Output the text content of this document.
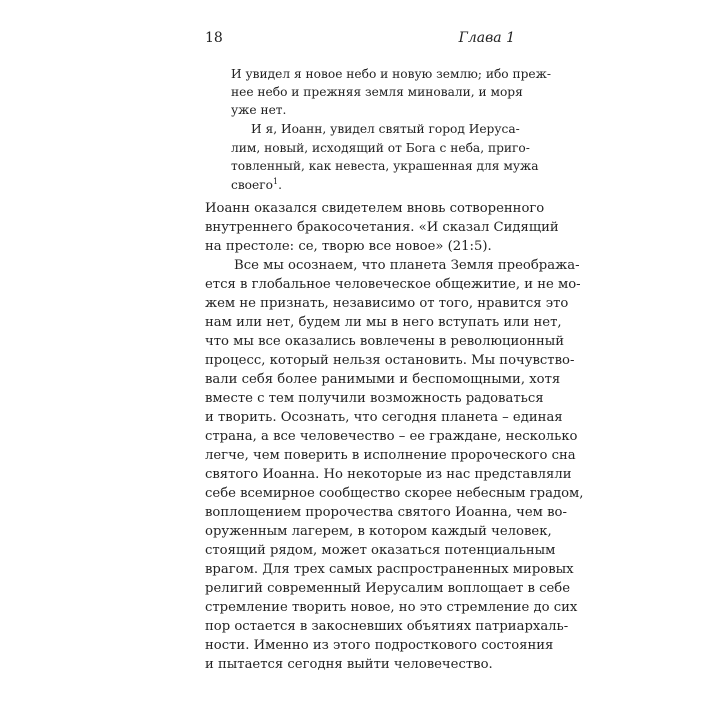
18	Глава 1
И увидел я новое небо и новую землю; ибо преж-
нее небо и прежняя земля миновали, и моря
уже нет.
И я, Иоанн, увидел святый город Иеруса-
лим, новый, исходящий от Бога с неба, приго-
товленный, как невеста, украшенная для мужа
своего$^1$.
Иоанн оказался свидетелем вновь сотворенного
внутреннего бракосочетания. «И сказал Сидящий
на престоле: се, творю все новое» (21:5).
Все мы осознаем, что планета Земля преобража-
ется в глобальное человеческое общежитие, и не мо-
жем не признать, независимо от того, нравится это
нам или нет, будем ли мы в него вступать или нет,
что мы все оказались вовлечены в революционный
процесс, который нельзя остановить. Мы почувство-
вали себя более ранимыми и беспомощными, хотя
вместе с тем получили возможность радоваться
и творить. Осознать, что сегодня планета – единая
страна, а все человечество – ее граждане, несколько
легче, чем поверить в исполнение пророческого сна
святого Иоанна. Но некоторые из нас представляли
себе всемирное сообщество скорее небесным градом,
воплощением пророчества святого Иоанна, чем во-
оруженным лагерем, в котором каждый человек,
стоящий рядом, может оказаться потенциальным
врагом. Для трех самых распространенных мировых
религий современный Иерусалим воплощает в себе
стремление творить новое, но это стремление до сих
пор остается в закосневших объятиях патриархаль-
ности. Именно из этого подросткового состояния
и пытается сегодня выйти человечество.
